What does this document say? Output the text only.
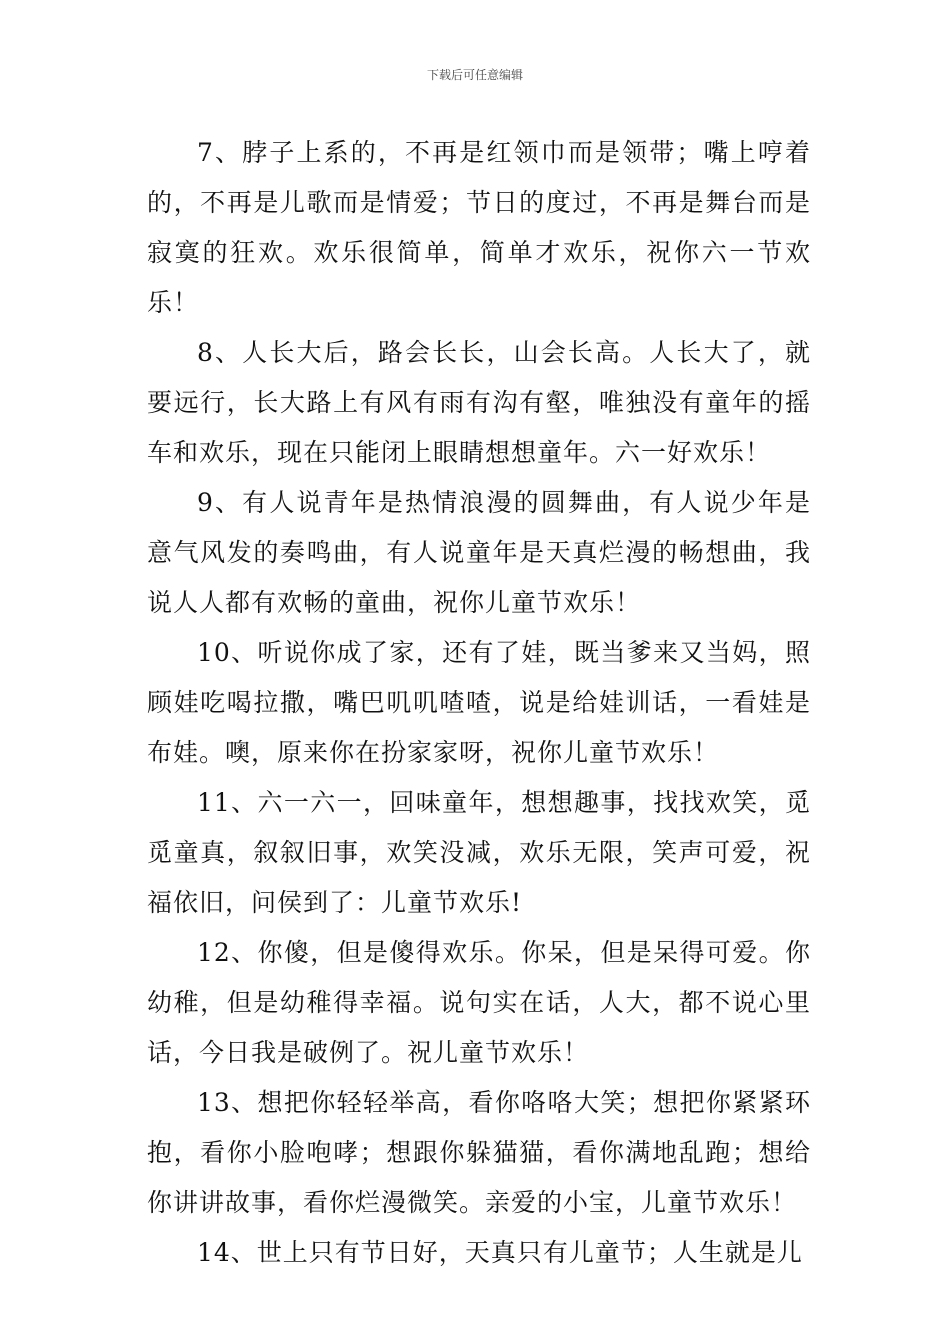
下载后可任意编辑

7、脖子上系的，不再是红领巾而是领带；嘴上哼着的，不再是儿歌而是情爱；节日的度过，不再是舞台而是寂寞的狂欢。欢乐很简单，简单才欢乐，祝你六一节欢乐！

8、人长大后，路会长长，山会长高。人长大了，就要远行，长大路上有风有雨有沟有壑，唯独没有童年的摇车和欢乐，现在只能闭上眼睛想想童年。六一好欢乐！

9、有人说青年是热情浪漫的圆舞曲，有人说少年是意气风发的奏鸣曲，有人说童年是天真烂漫的畅想曲，我说人人都有欢畅的童曲，祝你儿童节欢乐！

10、听说你成了家，还有了娃，既当爹来又当妈，照顾娃吃喝拉撒，嘴巴叽叽喳喳，说是给娃训话，一看娃是布娃。噢，原来你在扮家家呀，祝你儿童节欢乐！

11、六一六一，回味童年，想想趣事，找找欢笑，觅觅童真，叙叙旧事，欢笑没减，欢乐无限，笑声可爱，祝福依旧，问侯到了：儿童节欢乐!

12、你傻，但是傻得欢乐。你呆，但是呆得可爱。你幼稚，但是幼稚得幸福。说句实在话，人大，都不说心里话，今日我是破例了。祝儿童节欢乐！

13、想把你轻轻举高，看你咯咯大笑；想把你紧紧环抱，看你小脸咆哮；想跟你躲猫猫，看你满地乱跑；想给你讲讲故事，看你烂漫微笑。亲爱的小宝，儿童节欢乐！

14、世上只有节日好，天真只有儿童节；人生就是儿
